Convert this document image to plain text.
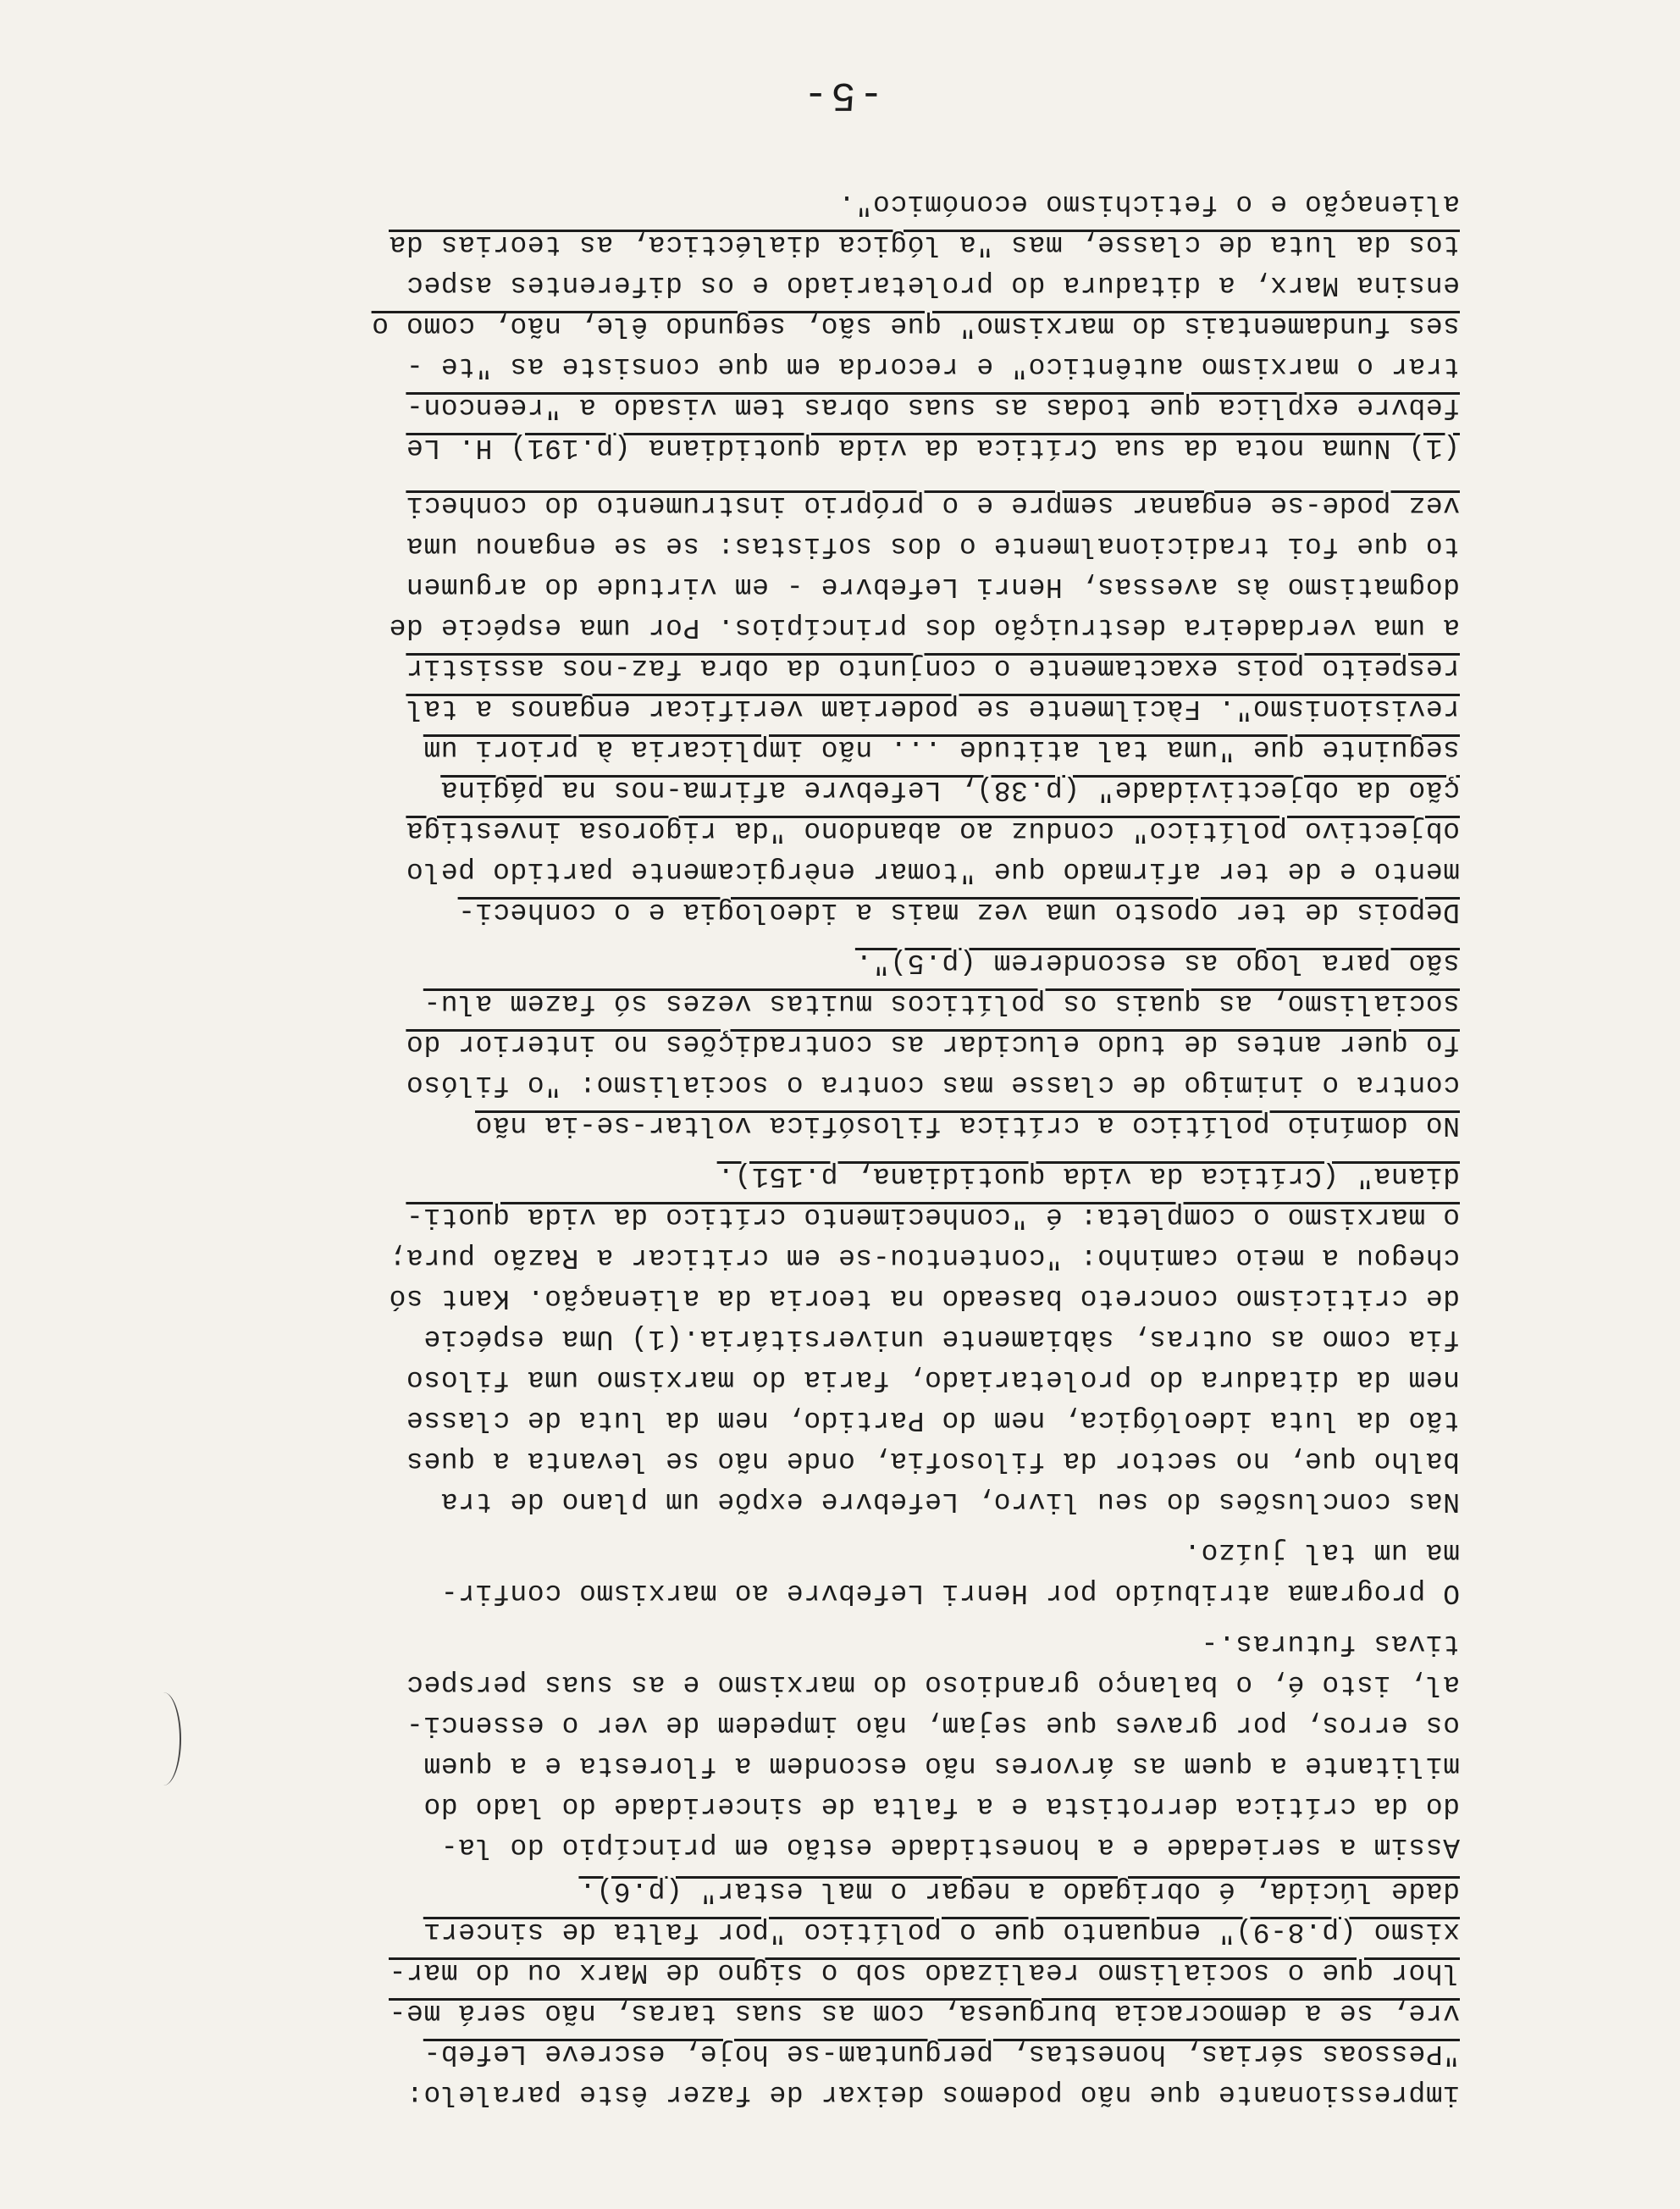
impressionante que não podemos deixar de fazer êste paralelo:
"Pessoas sérias, honestas, perguntam-se hoje, escreve Lefeb-
vre, se a democracia burguesa, com as suas taras, não será me-
lhor que o socialismo realizado sob o signo de Marx ou do mar-
xismo (p.8-9)" enquanto que o político "por falta de sincerı
dade lúcida, é obrigado a negar o mal estar" (p.6).
Assim a seriedade e a honestidade estão em princípio do la-
do da crítica derrotista e a falta de sinceridade do lado do
militante a quem as árvores não escondem a floresta e a quem
os erros, por graves que sejam, não impedem de ver o essenci-
al, isto é, o balanço grandioso do marxismo e as suas perspec
tivas futuras.-
O programa atribuído por Henri Lefebvre ao marxismo confir-
ma um tal juízo.
Nas conclusões do seu livro, Lefebvre expõe um plano de tra
balho que, no sector da filosofia, onde não se levanta a ques
tão da luta ideológica, nem do Partido, nem da luta de classe
nem da ditadura do proletariado, faria do marxismo uma filoso
fia como as outras, sàbiamente universitária.(1) Uma espécie
de criticismo concreto baseado na teoria da alienação. Kant só
chegou a meio caminho: "contentou-se em criticar a Razão pura;
o marxismo o completa: é "conhecimento crítico da vida quoti-
diana" (Crítica da vida quotidiana, p.151).
No domínio político a crítica filosófica voltar-se-ia não
contra o inimigo de classe mas contra o socialismo: "o filóso
fo quer antes de tudo elucidar as contradições no interior do
socialismo, as quais os políticos muitas vezes só fazem alu-
são para logo as esconderem (p.5)".
Depois de ter oposto uma vez mais a ideologia e o conheci-
mento e de ter afirmado que "tomar enèrgicamente partido pelo
objectivo político" conduz ao abandono "da rigorosa investiga
ção da objectividade" (p.38), Lefebvre afirma-nos na página
seguinte que "uma tal atitude ... não implicaria à priori um
revisionismo". Fàcilmente se poderiam verificar enganos a tal
respeito pois exactamente o conjunto da obra faz-nos assistir
a uma verdadeira destruição dos princípios. Por uma espécie de
dogmatismo às avessas, Henri Lefebvre - em virtude do argumen
to que foi tradicionalmente o dos sofistas: se se enganou uma
vez pode-se enganar sempre e o próprio instrumento do conheci
(1) Numa nota da sua Crítica da vida quotidiana (p.191) H. Le
febvre explica que todas as suas obras tem visado a "reencon-
trar o marxismo autêntico" e recorda em que consiste as "te -
ses fundamentais do marxismo" que são, segundo êle, não, como o
ensina Marx, a ditadura do proletariado e os diferentes aspec
tos da luta de classe, mas "a lógica dialéctica, as teorias da
alienação e o fetichismo económico".
-5-
